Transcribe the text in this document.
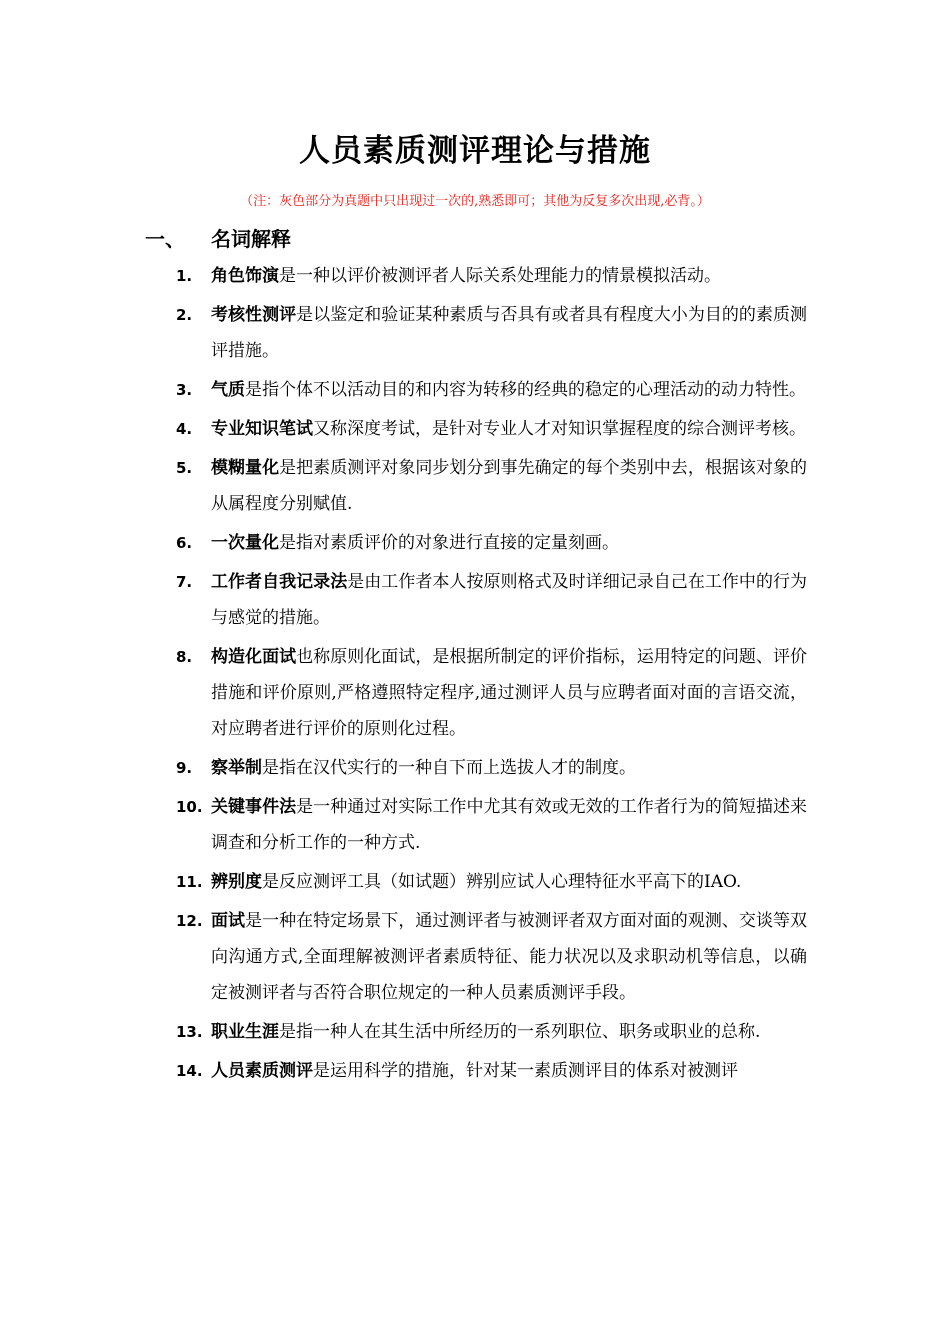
人员素质测评理论与措施
（注：灰色部分为真题中只出现过一次的,熟悉即可；其他为反复多次出现,必背。）
一、 名词解释
1. 角色饰演是一种以评价被测评者人际关系处理能力的情景模拟活动。
2. 考核性测评是以鉴定和验证某种素质与否具有或者具有程度大小为目的的素质测评措施。
3. 气质是指个体不以活动目的和内容为转移的经典的稳定的心理活动的动力特性。
4. 专业知识笔试又称深度考试，是针对专业人才对知识掌握程度的综合测评考核。
5. 模糊量化是把素质测评对象同步划分到事先确定的每个类别中去，根据该对象的从属程度分别赋值.
6. 一次量化是指对素质评价的对象进行直接的定量刻画。
7. 工作者自我记录法是由工作者本人按原则格式及时详细记录自己在工作中的行为与感觉的措施。
8. 构造化面试也称原则化面试，是根据所制定的评价指标，运用特定的问题、评价措施和评价原则,严格遵照特定程序,通过测评人员与应聘者面对面的言语交流，对应聘者进行评价的原则化过程。
9. 察举制是指在汉代实行的一种自下而上选拔人才的制度。
10. 关键事件法是一种通过对实际工作中尤其有效或无效的工作者行为的简短描述来调查和分析工作的一种方式.
11. 辨别度是反应测评工具（如试题）辨别应试人心理特征水平高下的IAO.
12. 面试是一种在特定场景下，通过测评者与被测评者双方面对面的观测、交谈等双向沟通方式,全面理解被测评者素质特征、能力状况以及求职动机等信息，以确定被测评者与否符合职位规定的一种人员素质测评手段。
13. 职业生涯是指一种人在其生活中所经历的一系列职位、职务或职业的总称.
14. 人员素质测评是运用科学的措施，针对某一素质测评目的体系对被测评
